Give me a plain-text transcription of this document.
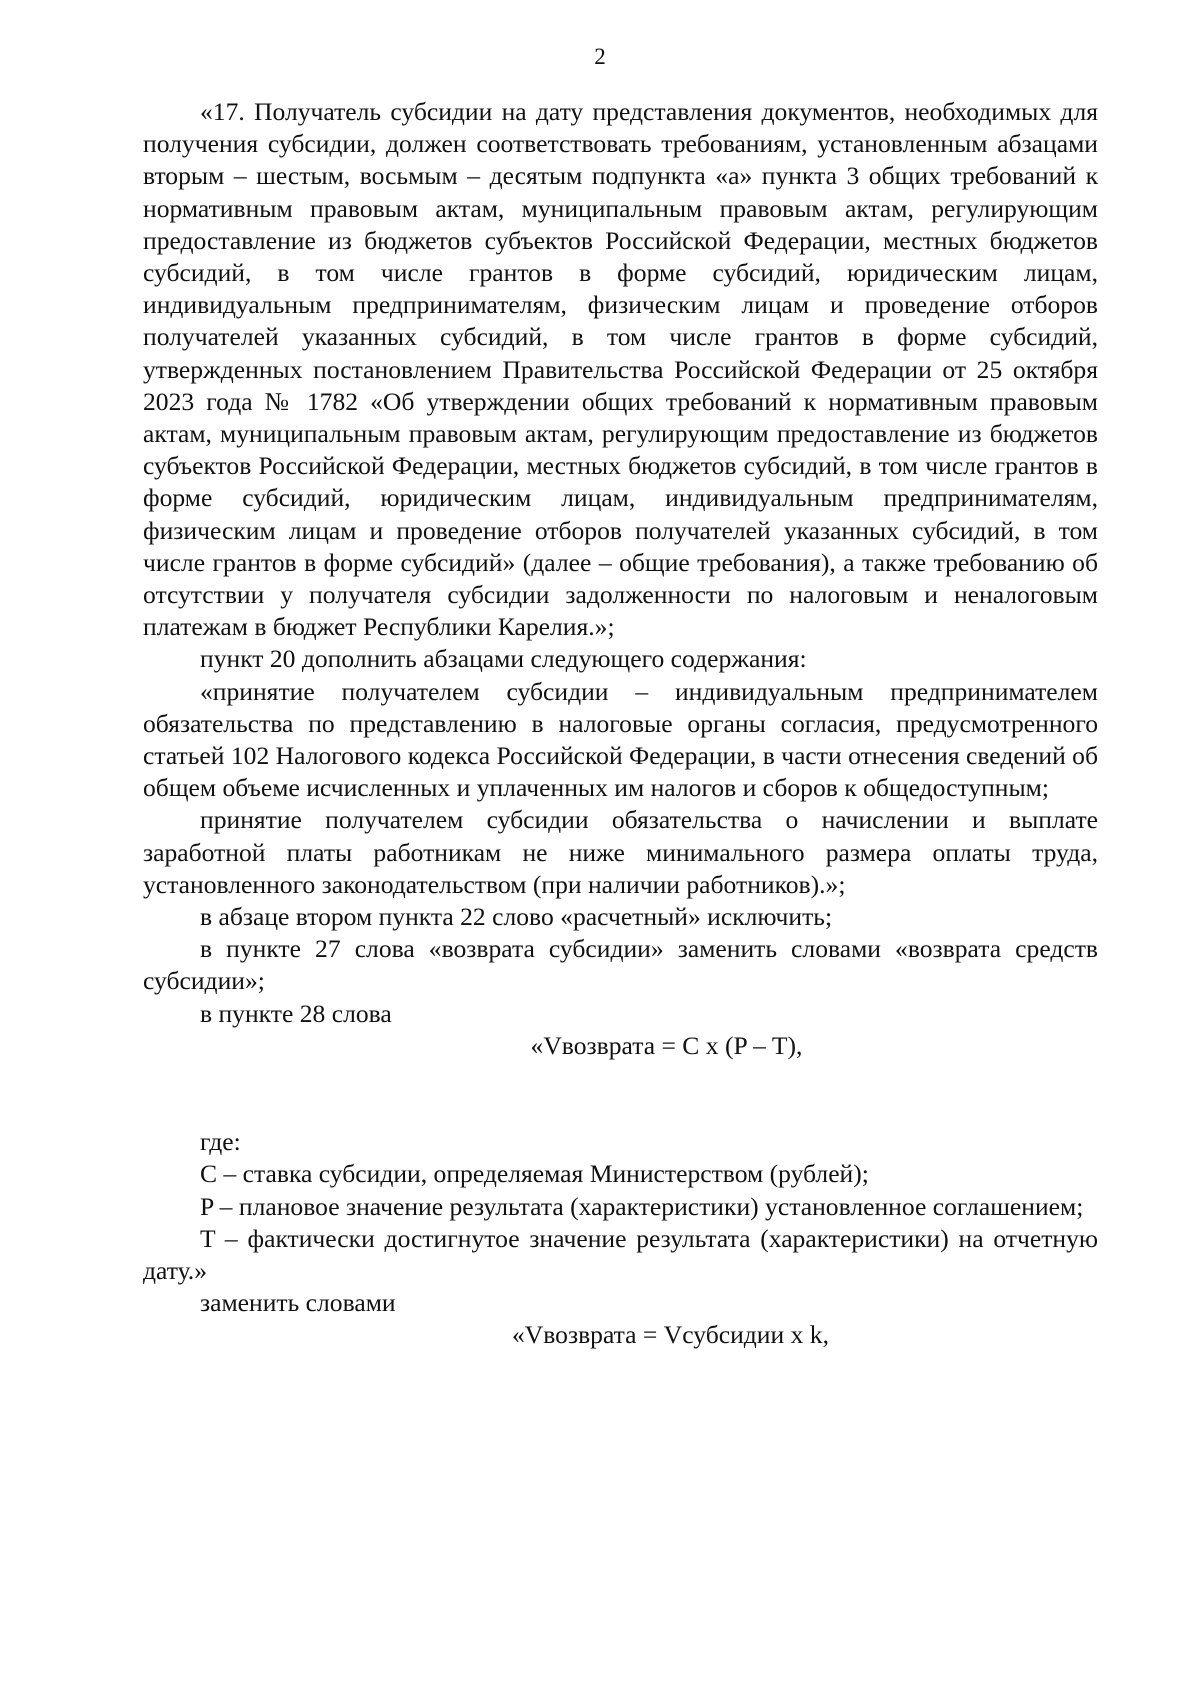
2

«17. Получатель субсидии на дату представления документов, необходимых для получения субсидии, должен соответствовать требованиям, установленным абзацами вторым – шестым, восьмым – десятым подпункта «а» пункта 3 общих требований к нормативным правовым актам, муниципальным правовым актам, регулирующим предоставление из бюджетов субъектов Российской Федерации, местных бюджетов субсидий, в том числе грантов в форме субсидий, юридическим лицам, индивидуальным предпринимателям, физическим лицам и проведение отборов получателей указанных субсидий, в том числе грантов в форме субсидий, утвержденных постановлением Правительства Российской Федерации от 25 октября 2023 года № 1782 «Об утверждении общих требований к нормативным правовым актам, муниципальным правовым актам, регулирующим предоставление из бюджетов субъектов Российской Федерации, местных бюджетов субсидий, в том числе грантов в форме субсидий, юридическим лицам, индивидуальным предпринимателям, физическим лицам и проведение отборов получателей указанных субсидий, в том числе грантов в форме субсидий» (далее – общие требования), а также требованию об отсутствии у получателя субсидии задолженности по налоговым и неналоговым платежам в бюджет Республики Карелия.»;

пункт 20 дополнить абзацами следующего содержания:

«принятие получателем субсидии – индивидуальным предпринимателем обязательства по представлению в налоговые органы согласия, предусмотренного статьей 102 Налогового кодекса Российской Федерации, в части отнесения сведений об общем объеме исчисленных и уплаченных им налогов и сборов к общедоступным;

принятие получателем субсидии обязательства о начислении и выплате заработной платы работникам не ниже минимального размера оплаты труда, установленного законодательством (при наличии работников).»;

в абзаце втором пункта 22 слово «расчетный» исключить;

в пункте 27 слова «возврата субсидии» заменить словами «возврата средств субсидии»;

в пункте 28 слова

«Vвозврата = C x (P – T),

где:

C – ставка субсидии, определяемая Министерством (рублей);

P – плановое значение результата (характеристики) установленное соглашением;

T – фактически достигнутое значение результата (характеристики) на отчетную дату.»

заменить словами

«Vвозврата = Vсубсидии x k,
